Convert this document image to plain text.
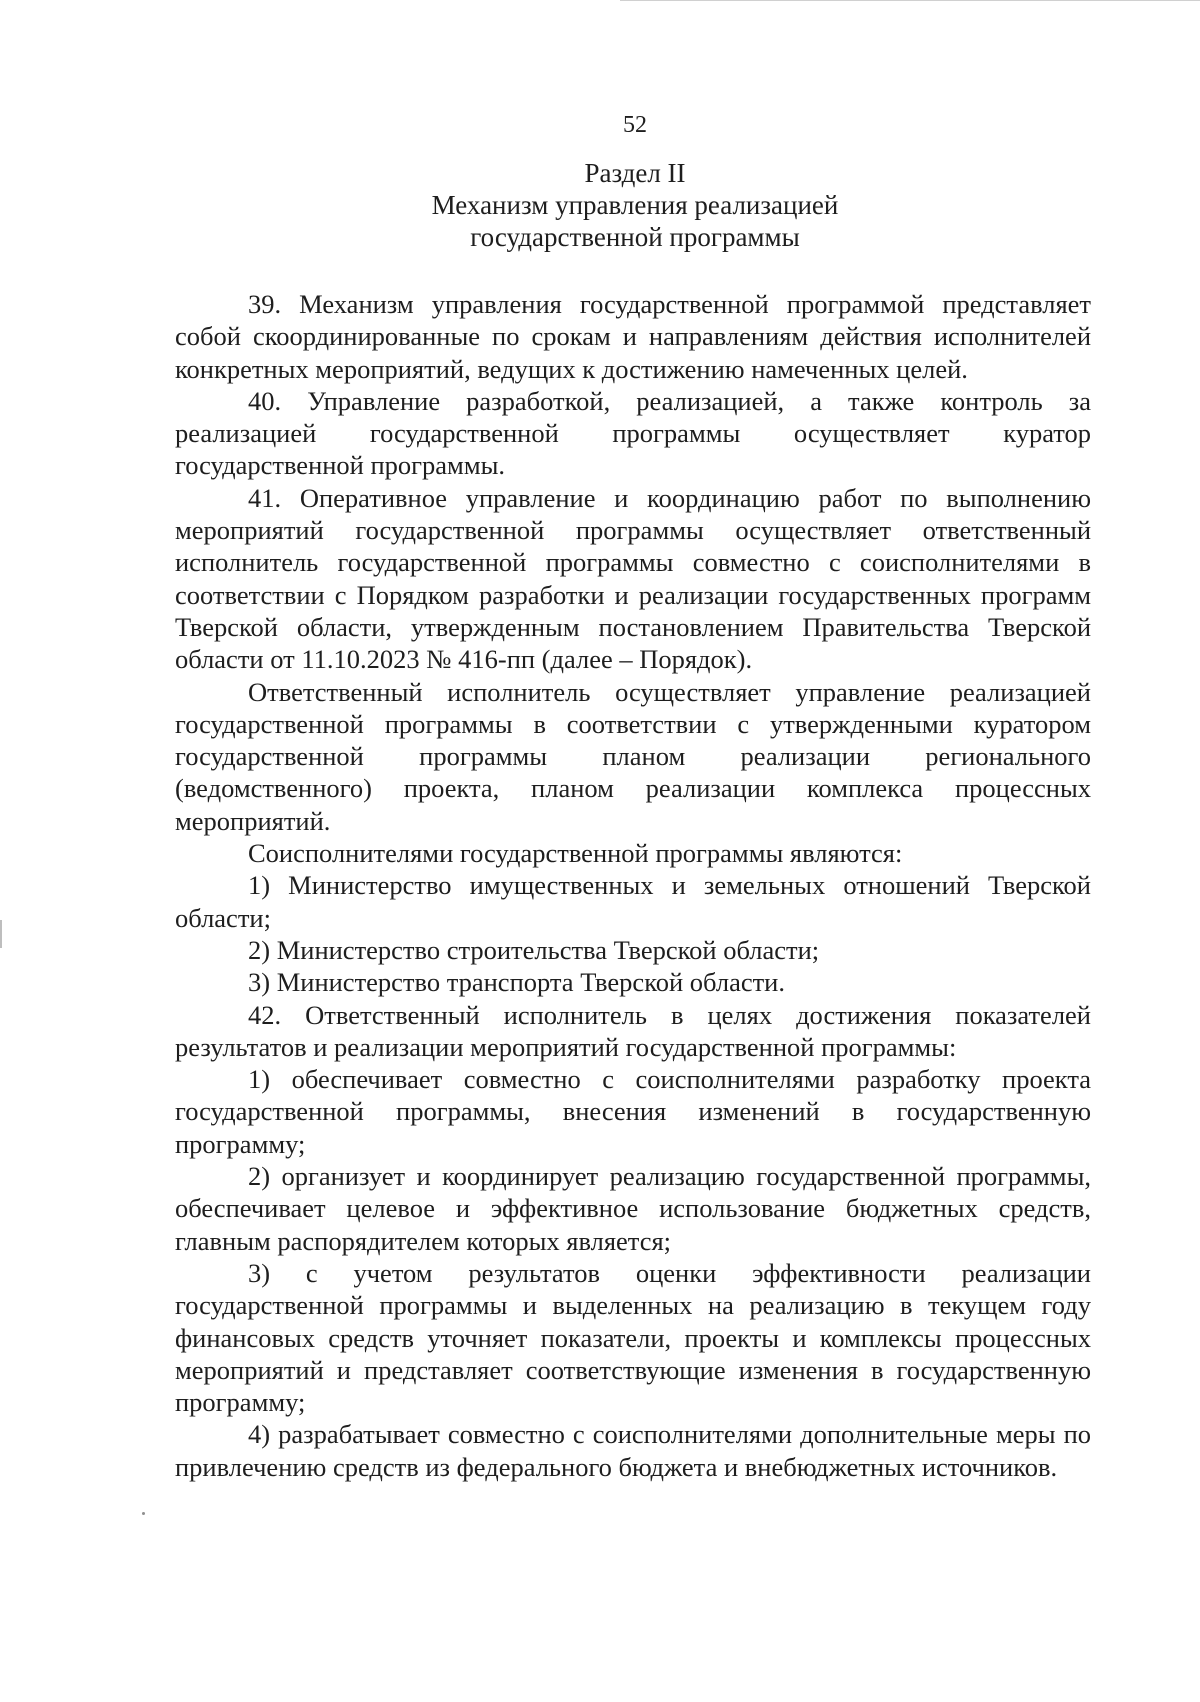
52
Раздел II
Механизм управления реализацией
государственной программы

39. Механизм управления государственной программой представляет собой скоординированные по срокам и направлениям действия исполнителей конкретных мероприятий, ведущих к достижению намеченных целей.

40. Управление разработкой, реализацией, а также контроль за реализацией государственной программы осуществляет куратор государственной программы.

41. Оперативное управление и координацию работ по выполнению мероприятий государственной программы осуществляет ответственный исполнитель государственной программы совместно с соисполнителями в соответствии с Порядком разработки и реализации государственных программ Тверской области, утвержденным постановлением Правительства Тверской области от 11.10.2023 № 416-пп (далее – Порядок).

Ответственный исполнитель осуществляет управление реализацией государственной программы в соответствии с утвержденными куратором государственной программы планом реализации регионального (ведомственного) проекта, планом реализации комплекса процессных мероприятий.

Соисполнителями государственной программы являются:

1) Министерство имущественных и земельных отношений Тверской области;

2) Министерство строительства Тверской области;

3) Министерство транспорта Тверской области.

42. Ответственный исполнитель в целях достижения показателей результатов и реализации мероприятий государственной программы:

1) обеспечивает совместно с соисполнителями разработку проекта государственной программы, внесения изменений в государственную программу;

2) организует и координирует реализацию государственной программы, обеспечивает целевое и эффективное использование бюджетных средств, главным распорядителем которых является;

3) с учетом результатов оценки эффективности реализации государственной программы и выделенных на реализацию в текущем году финансовых средств уточняет показатели, проекты и комплексы процессных мероприятий и представляет соответствующие изменения в государственную программу;

4) разрабатывает совместно с соисполнителями дополнительные меры по привлечению средств из федерального бюджета и внебюджетных источников.
